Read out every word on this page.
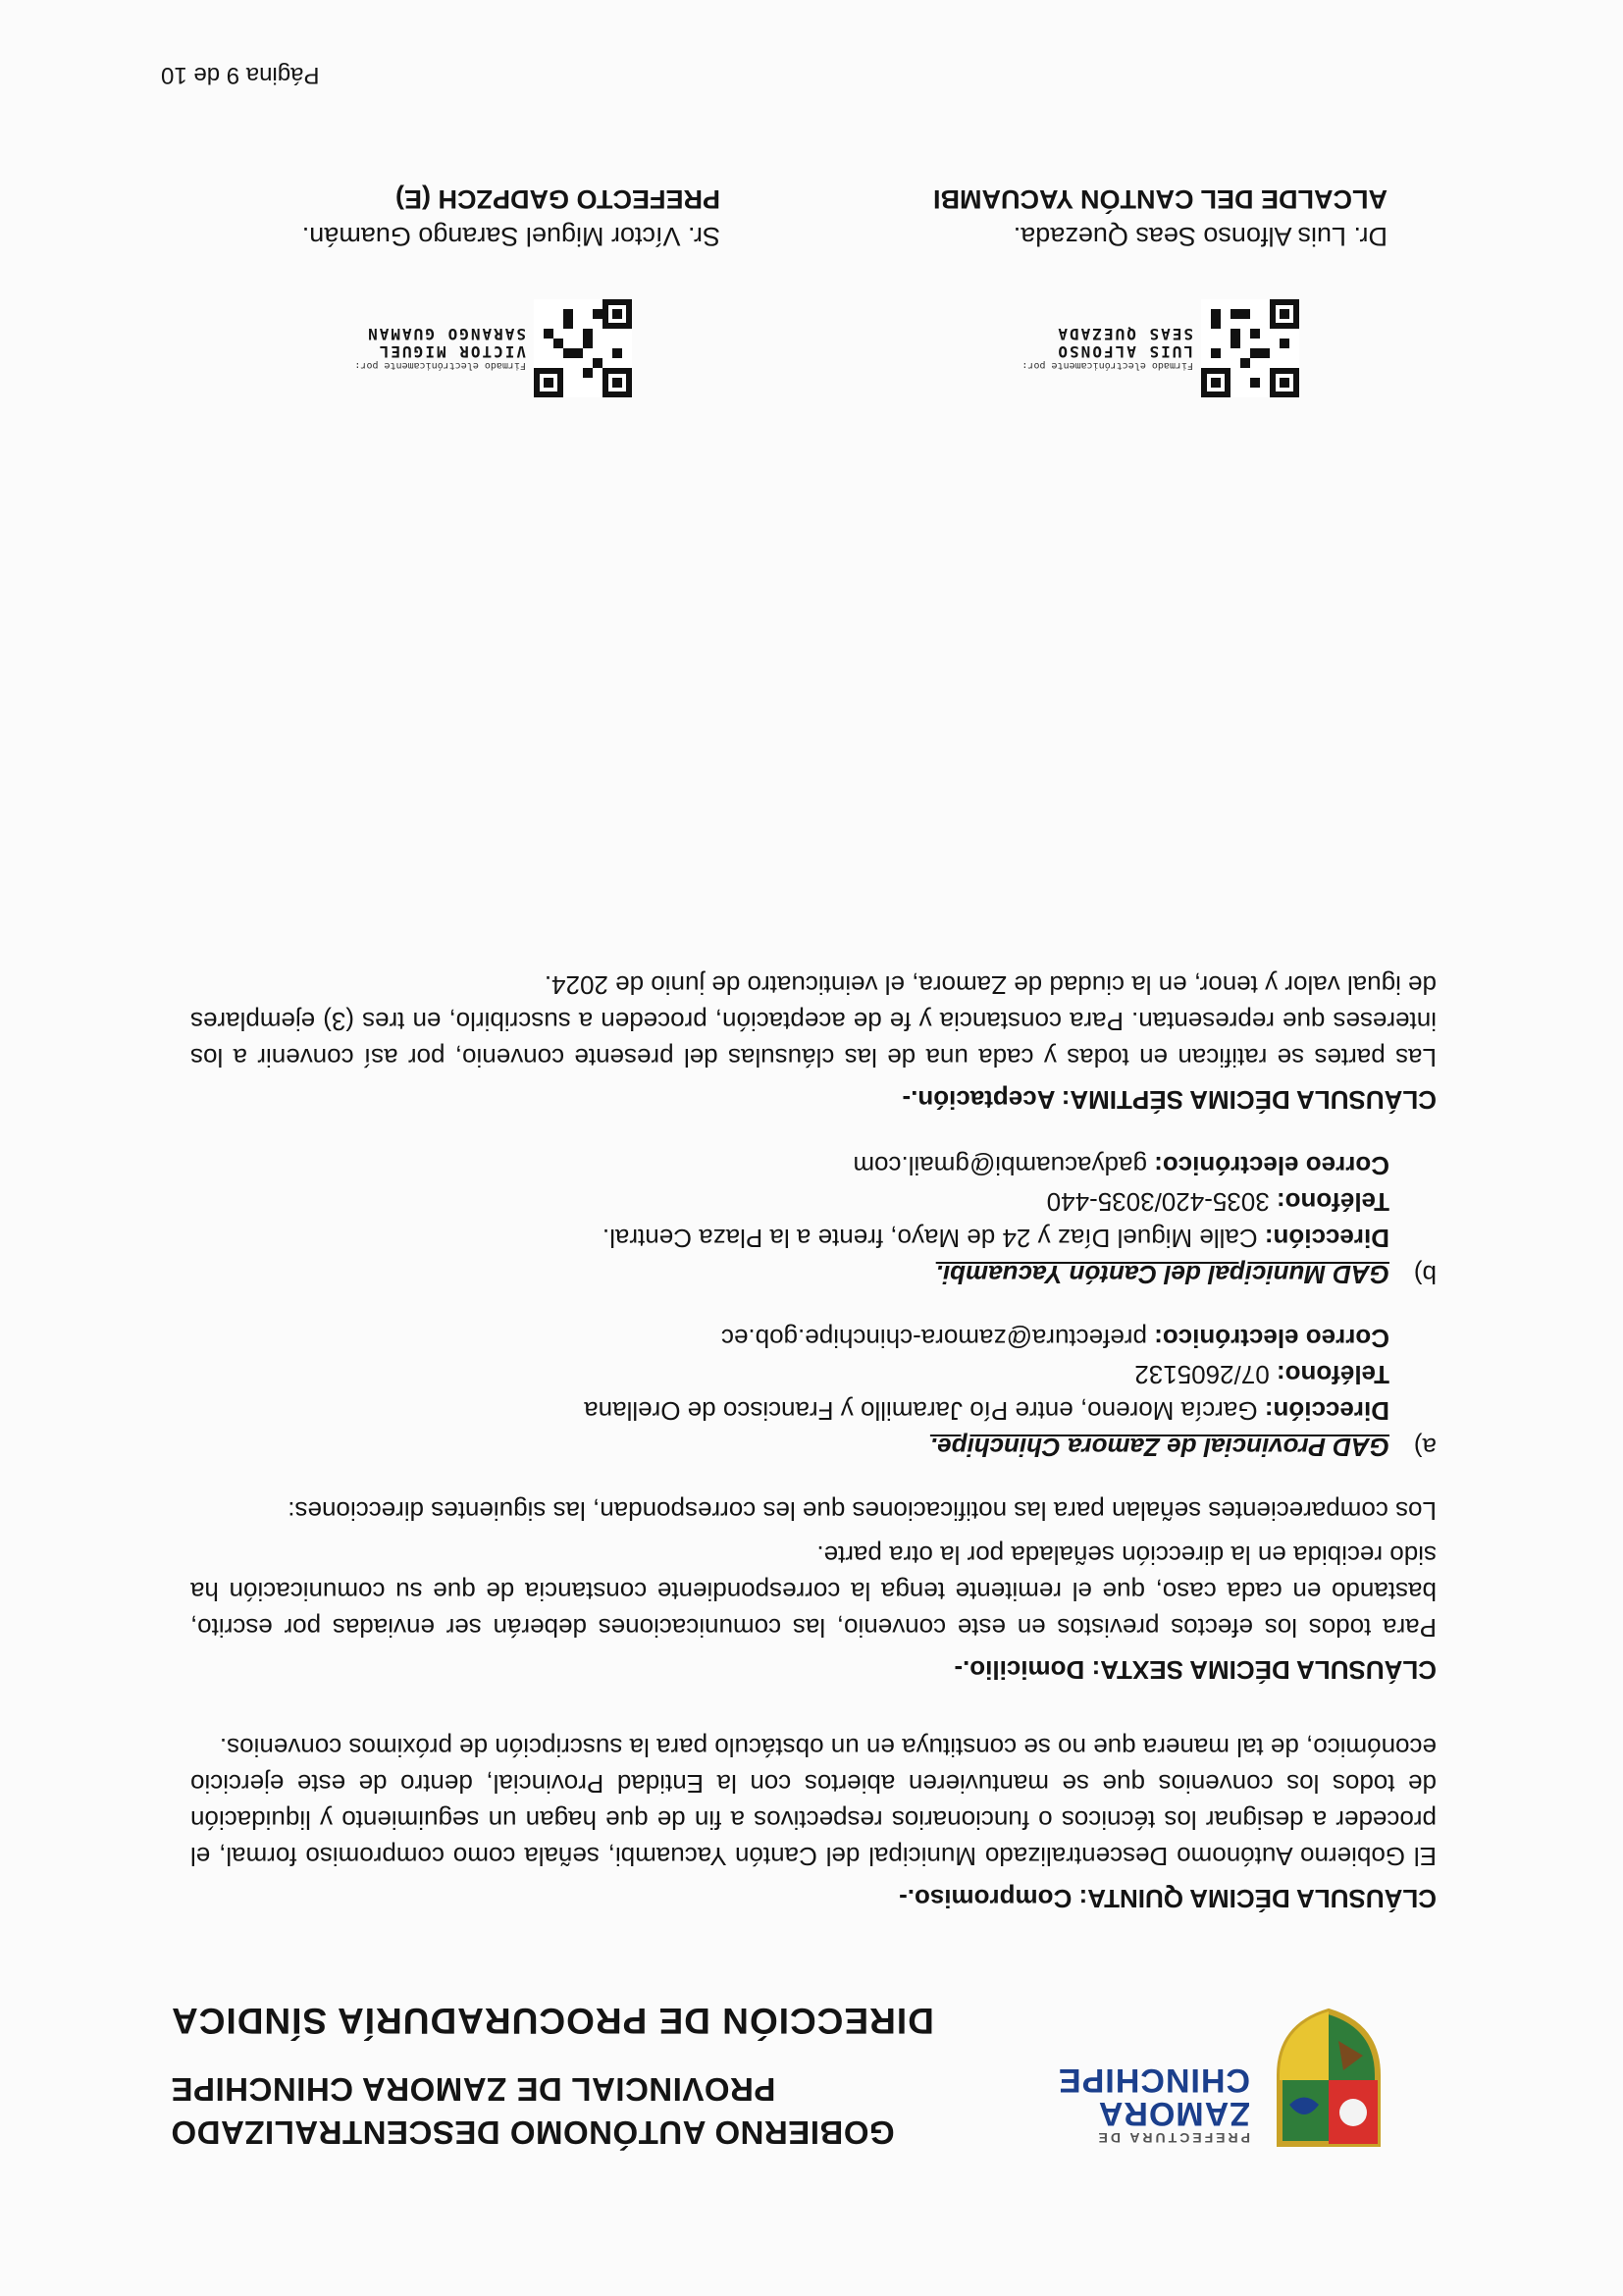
PREFECTURA DE
ZAMORA
CHINCHIPE
GOBIERNO AUTÓNOMO DESCENTRALIZADO
PROVINCIAL DE ZAMORA CHINCHIPE
DIRECCIÓN DE PROCURADURÍA SÍNDICA

CLÁUSULA DÉCIMA QUINTA: Compromiso.-

El Gobierno Autónomo Descentralizado Municipal del Cantón Yacuambi, señala como compromiso formal, el proceder a designar los técnicos o funcionarios respectivos a fin de que hagan un seguimiento y liquidación de todos los convenios que se mantuvieren abiertos con la Entidad Provincial, dentro de este ejercicio económico, de tal manera que no se constituya en un obstáculo para la suscripción de próximos convenios.

CLÁUSULA DÉCIMA SEXTA: Domicilio.-

Para todos los efectos previstos en este convenio, las comunicaciones deberán ser enviadas por escrito, bastando en cada caso, que el remitente tenga la correspondiente constancia de que su comunicación ha sido recibida en la dirección señalada por la otra parte.

Los comparecientes señalan para las notificaciones que les correspondan, las siguientes direcciones:

a)
GAD Provincial de Zamora Chinchipe.
Dirección: García Moreno, entre Pío Jaramillo y Francisco de Orellana
Teléfono: 07/2605132
Correo electrónico: prefectura@zamora-chinchipe.gob.ec
b)
GAD Municipal del Cantón Yacuambi.
Dirección: Calle Miguel Díaz y 24 de Mayo, frente a la Plaza Central.
Teléfono: 3035-420/3035-440
Correo electrónico: gadyacuambi@gmail.com

CLÁUSULA DÉCIMA SÉPTIMA: Aceptación.-

Las partes se ratifican en todas y cada una de las cláusulas del presente convenio, por así convenir a los intereses que representan. Para constancia y fe de aceptación, proceden a suscribirlo, en tres (3) ejemplares de igual valor y tenor, en la ciudad de Zamora, el veinticuatro de junio de 2024.

Firmado electrónicamente por:
LUIS ALFONSO
SEAS QUEZADA
Dr. Luis Alfonso Seas Quezada.
ALCALDE DEL CANTÓN YACUAMBI
Firmado electrónicamente por:
VICTOR MIGUEL
SARANGO GUAMAN
Sr. Víctor Miguel Sarango Guamán.
PREFECTO GADPZCH (E)
Página 9 de 10
